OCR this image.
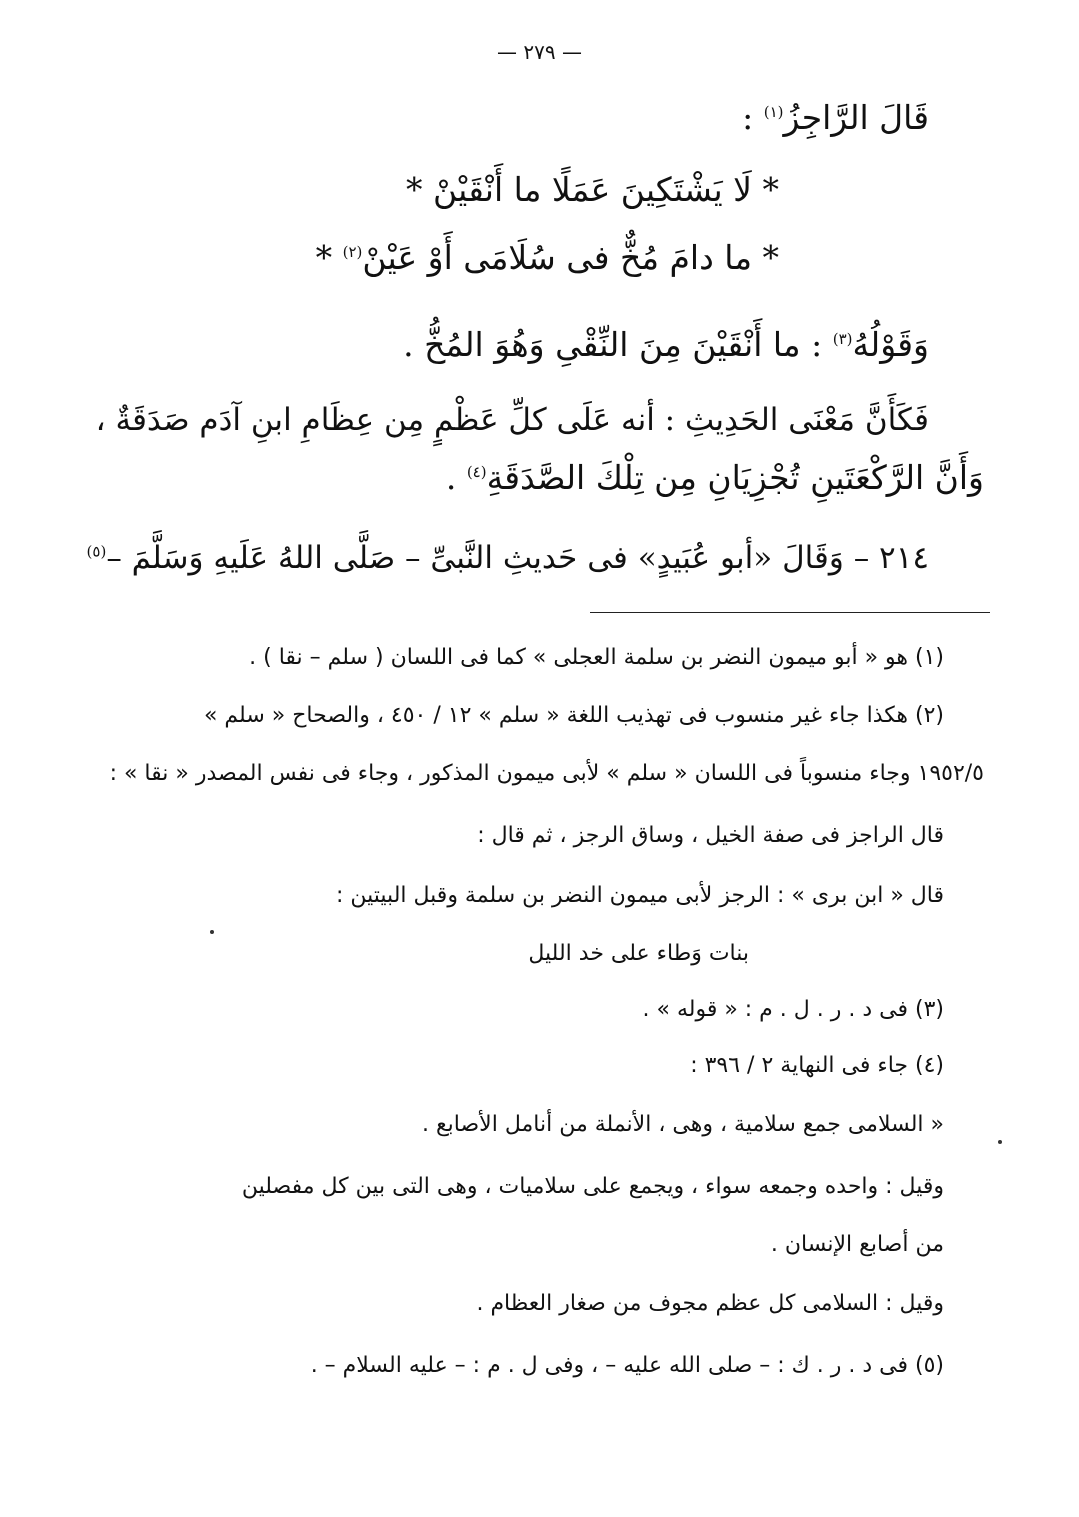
— ٢٧٩ —
قَالَ الرَّاجِزُ$^{(١)}$ :
* لَا يَشْتَكِينَ عَمَلًا ما أَنْقَيْنْ *
* ما دامَ مُخٌّ فى سُلَامَى أَوْ عَيْنْ$^{(٢)}$ *
وَقَوْلُهُ$^{(٣)}$ : ما أَنْقَيْنَ مِنَ النِّقْىِ وَهُوَ المُخُّ .
فَكَأَنَّ مَعْنَى الحَدِيثِ : أنه عَلَى كلِّ عَظْمٍ مِن عِظَامِ ابنِ آدَم صَدَقَةٌ ،
وَأَنَّ الرَّكْعَتَينِ تُجْزِيَانِ مِن تِلْكَ الصَّدَقَةِ$^{(٤)}$ .
٢١٤ – وَقَالَ «أبو عُبَيدٍ» فى حَديثِ النَّبىِّ – صَلَّى اللهُ عَلَيهِ وَسَلَّمَ –$^{(٥)}$
(١) هو « أبو ميمون النضر بن سلمة العجلى » كما فى اللسان ( سلم – نقا ) .
(٢) هكذا جاء غير منسوب فى تهذيب اللغة « سلم » ١٢ / ٤٥٠ ، والصحاح « سلم »
١٩٥٢/٥ وجاء منسوباً فى اللسان « سلم » لأبى ميمون المذكور ، وجاء فى نفس المصدر « نقا » :
قال الراجز فى صفة الخيل ، وساق الرجز ، ثم قال :
قال « ابن برى » : الرجز لأبى ميمون النضر بن سلمة وقبل البيتين :
بنات وَطاء على خد الليل
(٣) فى د . ر . ل . م : « قوله » .
(٤) جاء فى النهاية ٢ / ٣٩٦ :
« السلامى جمع سلامية ، وهى ، الأنملة من أنامل الأصابع .
وقيل : واحده وجمعه سواء ، ويجمع على سلاميات ، وهى التى بين كل مفصلين
من أصابع الإنسان .
وقيل : السلامى كل عظم مجوف من صغار العظام .
(٥) فى د . ر . ك : – صلى الله عليه – ، وفى ل . م : – عليه السلام – .
